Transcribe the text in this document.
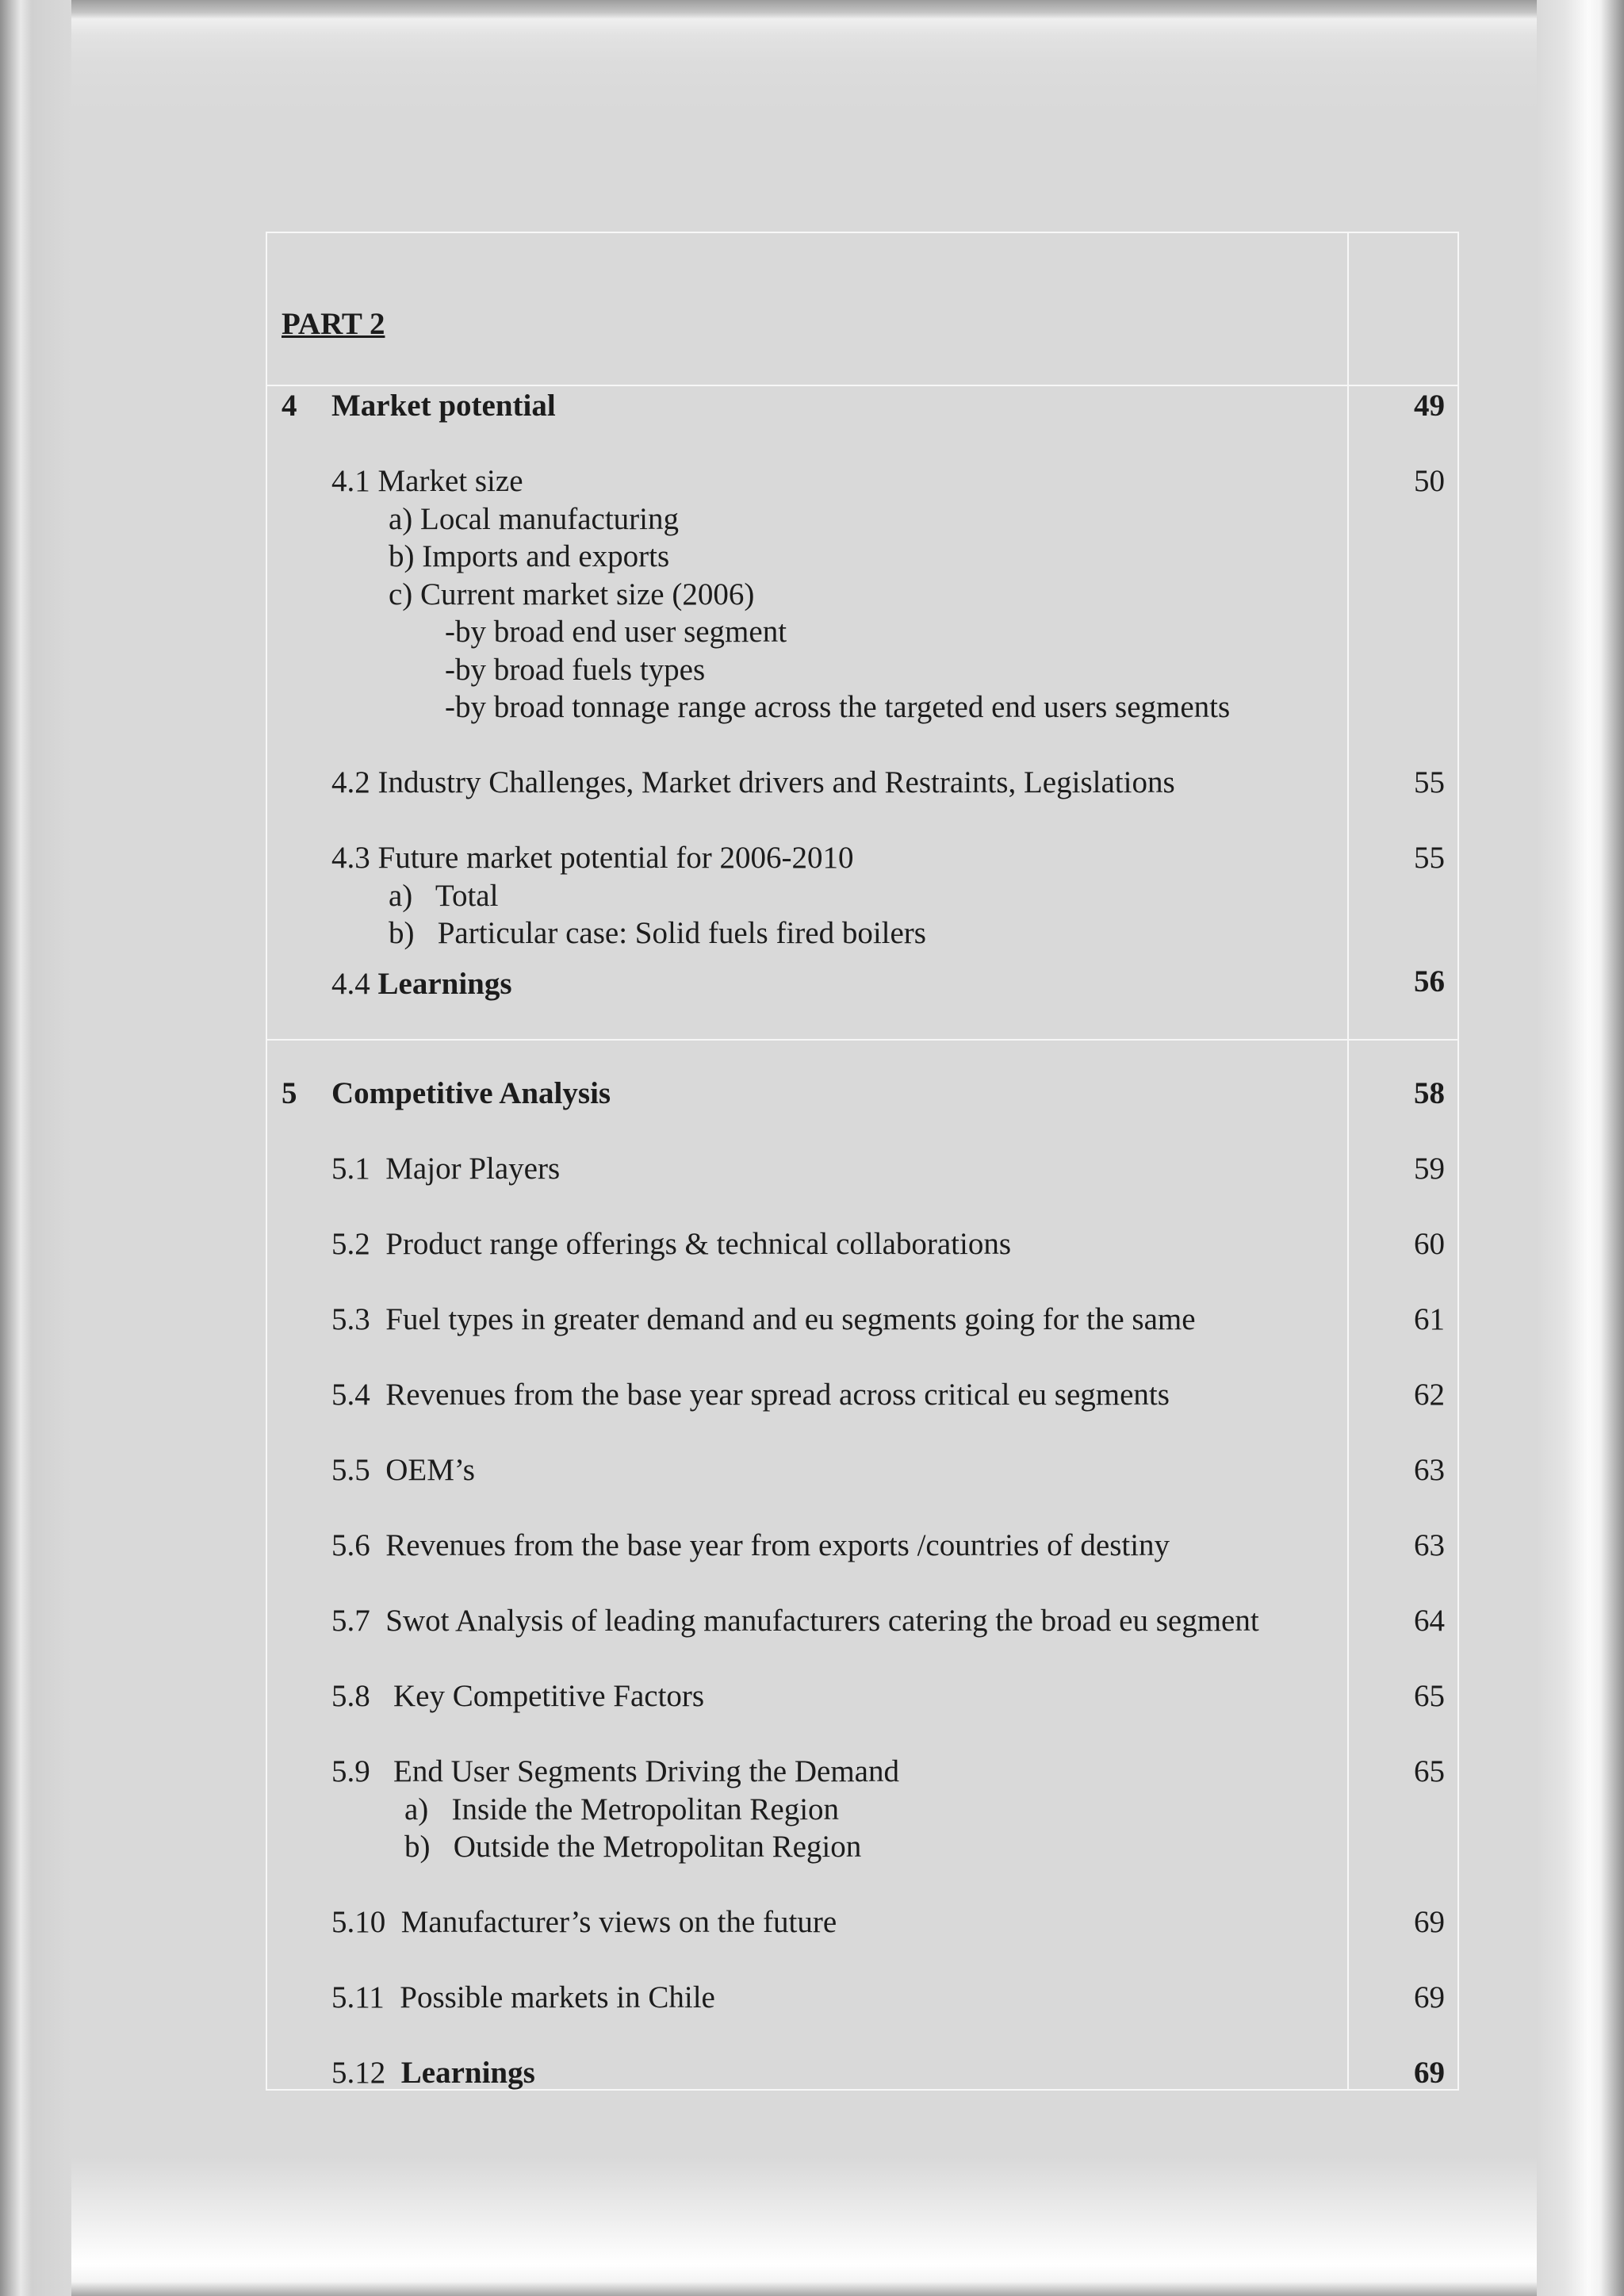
PART 2
4 Market potential	49
4.1 Market size	50
a) Local manufacturing
b) Imports and exports
c) Current market size (2006)
-by broad end user segment
-by broad fuels types
-by broad tonnage range across the targeted end users segments
4.2 Industry Challenges, Market drivers and Restraints, Legislations	55
4.3 Future market potential for 2006-2010	55
a)   Total
b)   Particular case: Solid fuels fired boilers
4.4 Learnings	56
5 Competitive Analysis	58
5.1  Major Players	59
5.2  Product range offerings & technical collaborations	60
5.3  Fuel types in greater demand and eu segments going for the same	61
5.4  Revenues from the base year spread across critical eu segments	62
5.5  OEM’s	63
5.6  Revenues from the base year from exports /countries of destiny	63
5.7  Swot Analysis of leading manufacturers catering the broad eu segment	64
5.8   Key Competitive Factors	65
5.9   End User Segments Driving the Demand	65
a)   Inside the Metropolitan Region
b)   Outside the Metropolitan Region
5.10  Manufacturer’s views on the future	69
5.11  Possible markets in Chile	69
5.12  Learnings	69
